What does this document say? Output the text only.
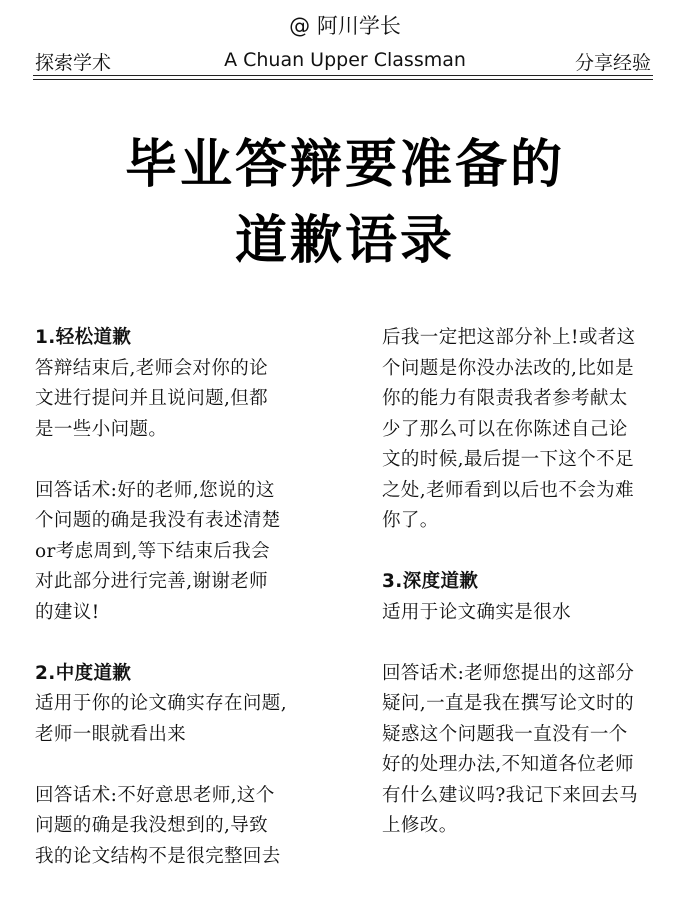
@ 阿川学长
探索学术	A Chuan Upper Classman	分享经验
毕业答辩要准备的
道歉语录
1.轻松道歉

答辩结束后,老师会对你的论
文进行提问并且说问题,但都
是一些小问题。

回答话术:好的老师,您说的这
个问题的确是我没有表述清楚
or考虑周到,等下结束后我会
对此部分进行完善,谢谢老师
的建议!

2.中度道歉

适用于你的论文确实存在问题,
老师一眼就看出来

回答话术:不好意思老师,这个
问题的确是我没想到的,导致
我的论文结构不是很完整回去

后我一定把这部分补上!或者这
个问题是你没办法改的,比如是
你的能力有限责我者参考献太
少了那么可以在你陈述自己论
文的时候,最后提一下这个不足
之处,老师看到以后也不会为难
你了。

3.深度道歉

适用于论文确实是很水

回答话术:老师您提出的这部分
疑问,一直是我在撰写论文时的
疑惑这个问题我一直没有一个
好的处理办法,不知道各位老师
有什么建议吗?我记下来回去马
上修改。
